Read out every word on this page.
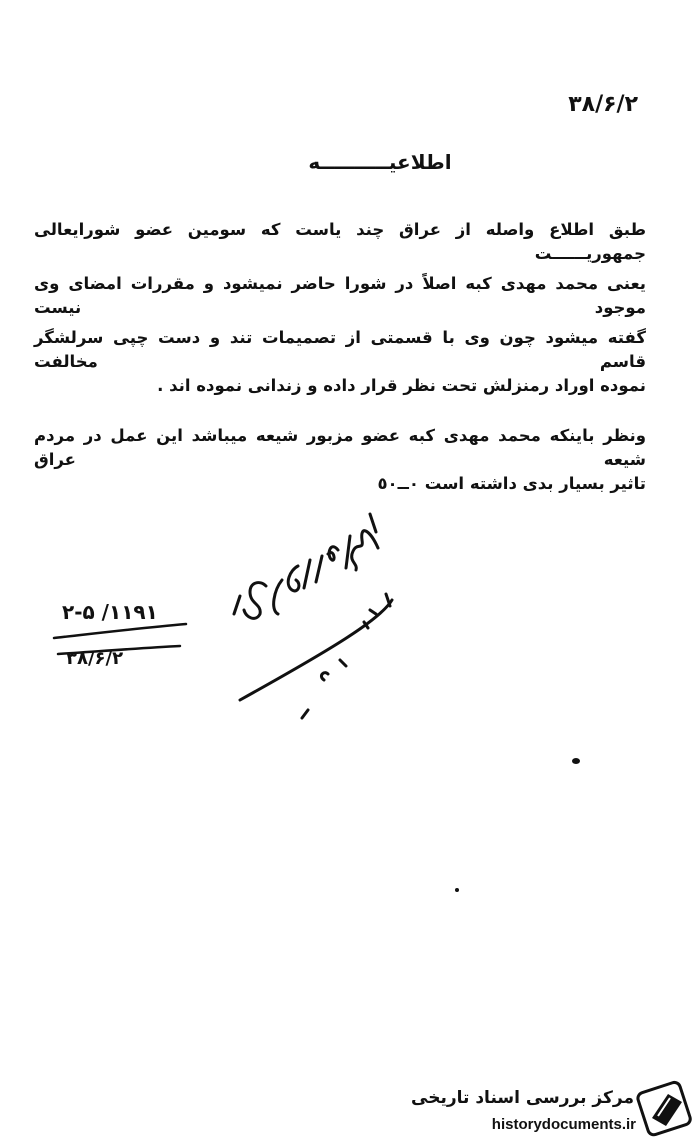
۳۸/۶/۲
اطلاعیــــــــــه
طبق اطلاع واصله از عراق چند یاست که سومین عضو شورایعالی جمهوریــــــت
یعنی محمد مهدی کبه اصلاً در شورا حاضر نمیشود و مقررات امضای وی موجود نیست
گفته میشود چون وی با قسمتی از تصمیمات تند و دست چپی سرلشگر قاسم مخالفت
نموده اوراد رمنزلش تحت نظر قرار داده و زندانی نموده اند .
ونظر باینکه محمد مهدی کبه عضو مزبور شیعه میباشد این عمل در مردم شیعه عراق
تاثیر بسیار بدی داشته است ٠ــ٥٠
۱۱۹۱/ ۲-۵
۳۸/۶/۲
مرکز بررسی اسناد تاریخی
historydocuments.ir
